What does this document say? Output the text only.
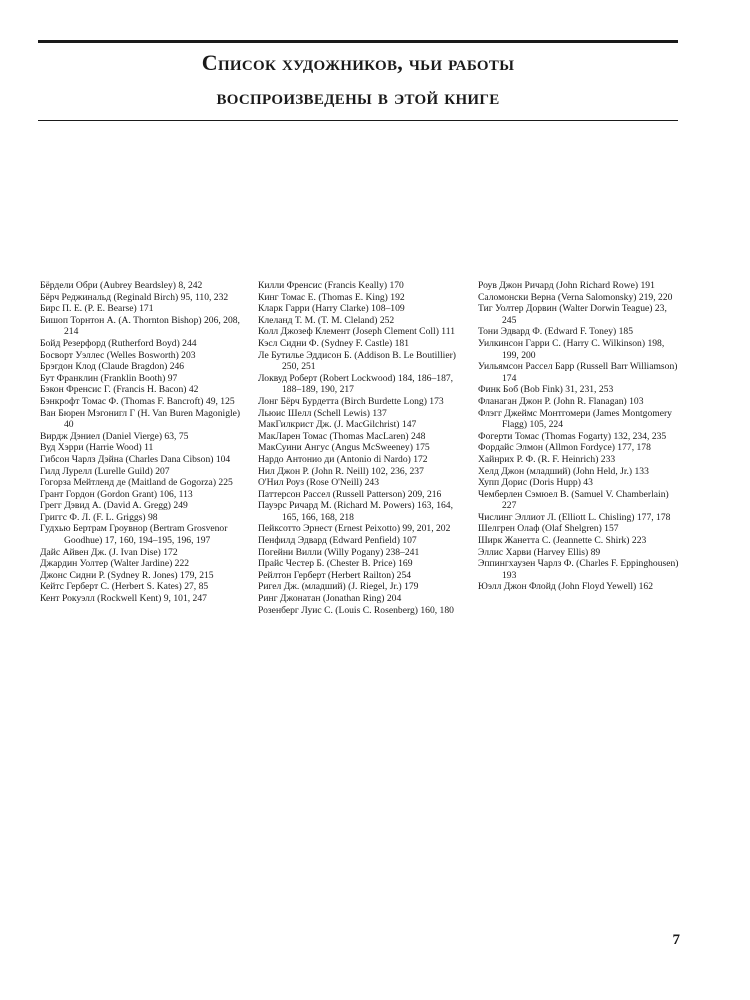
Список художников, чьи работы
воспроизведены в этой книге

Бёрдели Обри (Aubrey Beardsley) 8, 242

Бёрч Реджинальд (Reginald Birch) 95, 110, 232

Бирс П. Е. (P. E. Bearse) 171

Бишоп Торнтон А. (A. Thornton Bishop) 206, 208, 214

Бойд Резерфорд (Rutherford Boyd) 244

Босворт Уэллес (Welles Bosworth) 203

Брэгдон Клод (Claude Bragdon) 246

Бут Франклин (Franklin Booth) 97

Бэкон Френсис Г. (Francis H. Bacon) 42

Бэнкрофт Томас Ф. (Thomas F. Bancroft) 49, 125

Ван Бюрен Мэгонигл Г (H. Van Buren Magonigle) 40

Вирдж Дэниел (Daniel Vierge) 63, 75

Вуд Хэрри (Harrie Wood) 11

Гибсон Чарлз Дэйна (Charles Dana Cibson) 104

Гилд Лурелл (Lurelle Guild) 207

Гогорза Мейтленд де (Maitland de Gogorza) 225

Грант Гордон (Gordon Grant) 106, 113

Грегг Дэвид А. (David A. Gregg) 249

Григгс Ф. Л. (F. L. Griggs) 98

Гудхью Бертрам Гроувнор (Bertram Grosvenor Goodhue) 17, 160, 194–195, 196, 197

Дайс Айвен Дж. (J. Ivan Dise) 172

Джардин Уолтер (Walter Jardine) 222

Джонс Сидни Р. (Sydney R. Jones) 179, 215

Кейтс Герберт С. (Herbert S. Kates) 27, 85

Кент Рокуэлл (Rockwell Kent) 9, 101, 247

Килли Френсис (Francis Keally) 170

Кинг Томас Е. (Thomas E. King) 192

Кларк Гарри (Harry Clarke) 108–109

Клеланд Т. М. (T. M. Cleland) 252

Колл Джозеф Клемент (Joseph Clement Coll) 111

Кэсл Сидни Ф. (Sydney F. Castle) 181

Ле Бутилье Эддисон Б. (Addison B. Le Boutillier) 250, 251

Локвуд Роберт (Robert Lockwood) 184, 186–187, 188–189, 190, 217

Лонг Бёрч Бурдетта (Birch Burdette Long) 173

Льюис Шелл (Schell Lewis) 137

МакГилкрист Дж. (J. MacGilchrist) 147

МакЛарен Томас (Thomas MacLaren) 248

МакСуини Ангус (Angus McSweeney) 175

Нардо Антонио ди (Antonio di Nardo) 172

Нил Джон Р. (John R. Neill) 102, 236, 237

О'Нил Роуз (Rose O'Neill) 243

Паттерсон Рассел (Russell Patterson) 209, 216

Пауэрс Ричард М. (Richard M. Powers) 163, 164, 165, 166, 168, 218

Пейксотто Эрнест (Ernest Peixotto) 99, 201, 202

Пенфилд Эдвард (Edward Penfield) 107

Погейни Вилли (Willy Pogany) 238–241

Прайс Честер Б. (Chester B. Price) 169

Рейлтон Герберт (Herbert Railton) 254

Ригел Дж. (младший) (J. Riegel, Jr.) 179

Ринг Джонатан (Jonathan Ring) 204

Розенберг Луис С. (Louis C. Rosenberg) 160, 180

Роув Джон Ричард (John Richard Rowe) 191

Саломонски Верна (Verna Salomonsky) 219, 220

Тиг Уолтер Дорвин (Walter Dorwin Teague) 23, 245

Тони Эдвард Ф. (Edward F. Toney) 185

Уилкинсон Гарри С. (Harry C. Wilkinson) 198, 199, 200

Уильямсон Рассел Барр (Russell Barr Williamson) 174

Финк Боб (Bob Fink) 31, 231, 253

Фланаган Джон Р. (John R. Flanagan) 103

Флэгг Джеймс Монтгомери (James Montgomery Flagg) 105, 224

Фогерти Томас (Thomas Fogarty) 132, 234, 235

Фордайс Элмон (Allmon Fordyce) 177, 178

Хайнрих Р. Ф. (R. F. Heinrich) 233

Хелд Джон (младший) (John Held, Jr.) 133

Хупп Дорис (Doris Hupp) 43

Чемберлен Сэмюел В. (Samuel V. Chamberlain) 227

Числинг Эллиот Л. (Elliott L. Chisling) 177, 178

Шелгрен Олаф (Olaf Shelgren) 157

Ширк Жанетта С. (Jeannette C. Shirk) 223

Эллис Харви (Harvey Ellis) 89

Эппингхаузен Чарлз Ф. (Charles F. Eppinghousen) 193

Юэлл Джон Флойд (John Floyd Yewell) 162

7
